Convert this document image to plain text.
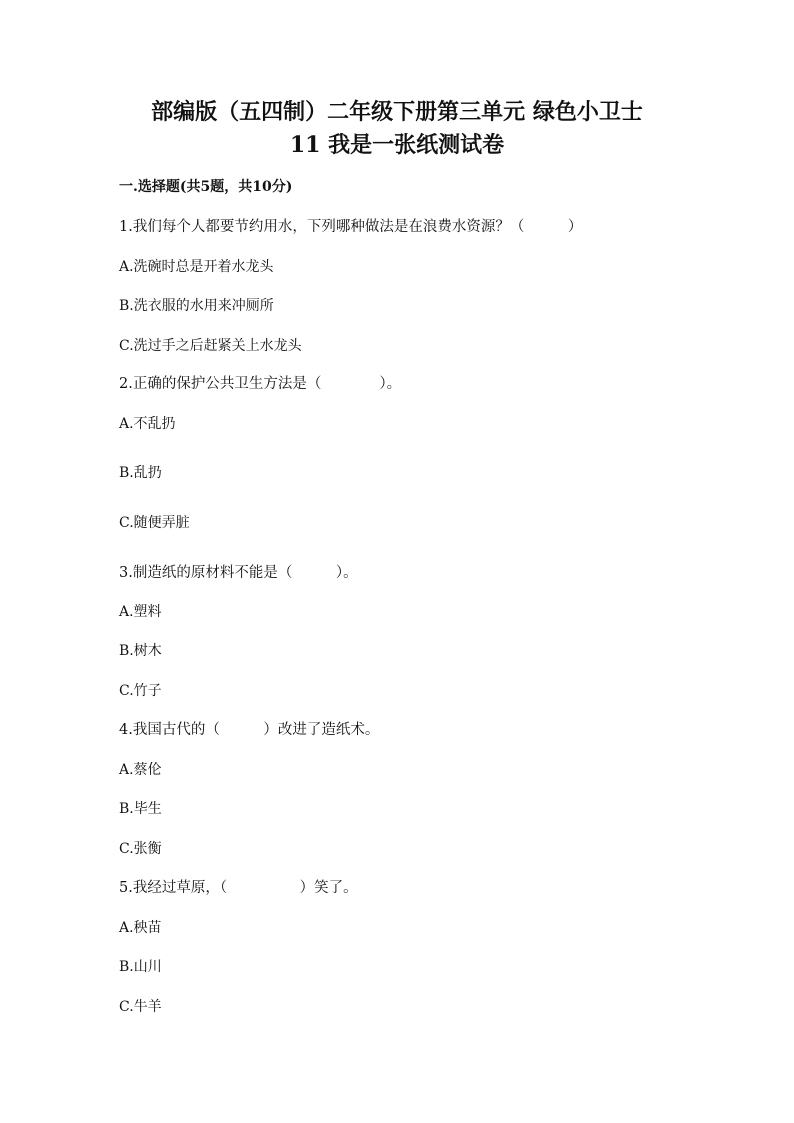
部编版（五四制）二年级下册第三单元 绿色小卫士
11 我是一张纸测试卷
一.选择题(共5题，共10分)
1.我们每个人都要节约用水，下列哪种做法是在浪费水资源？（　　　）
A.洗碗时总是开着水龙头
B.洗衣服的水用来冲厕所
C.洗过手之后赶紧关上水龙头
2.正确的保护公共卫生方法是（　　　　）。
A.不乱扔
B.乱扔
C.随便弄脏
3.制造纸的原材料不能是（　　　）。
A.塑料
B.树木
C.竹子
4.我国古代的（　　　）改进了造纸术。
A.蔡伦
B.毕生
C.张衡
5.我经过草原，（　　　　　）笑了。
A.秧苗
B.山川
C.牛羊
